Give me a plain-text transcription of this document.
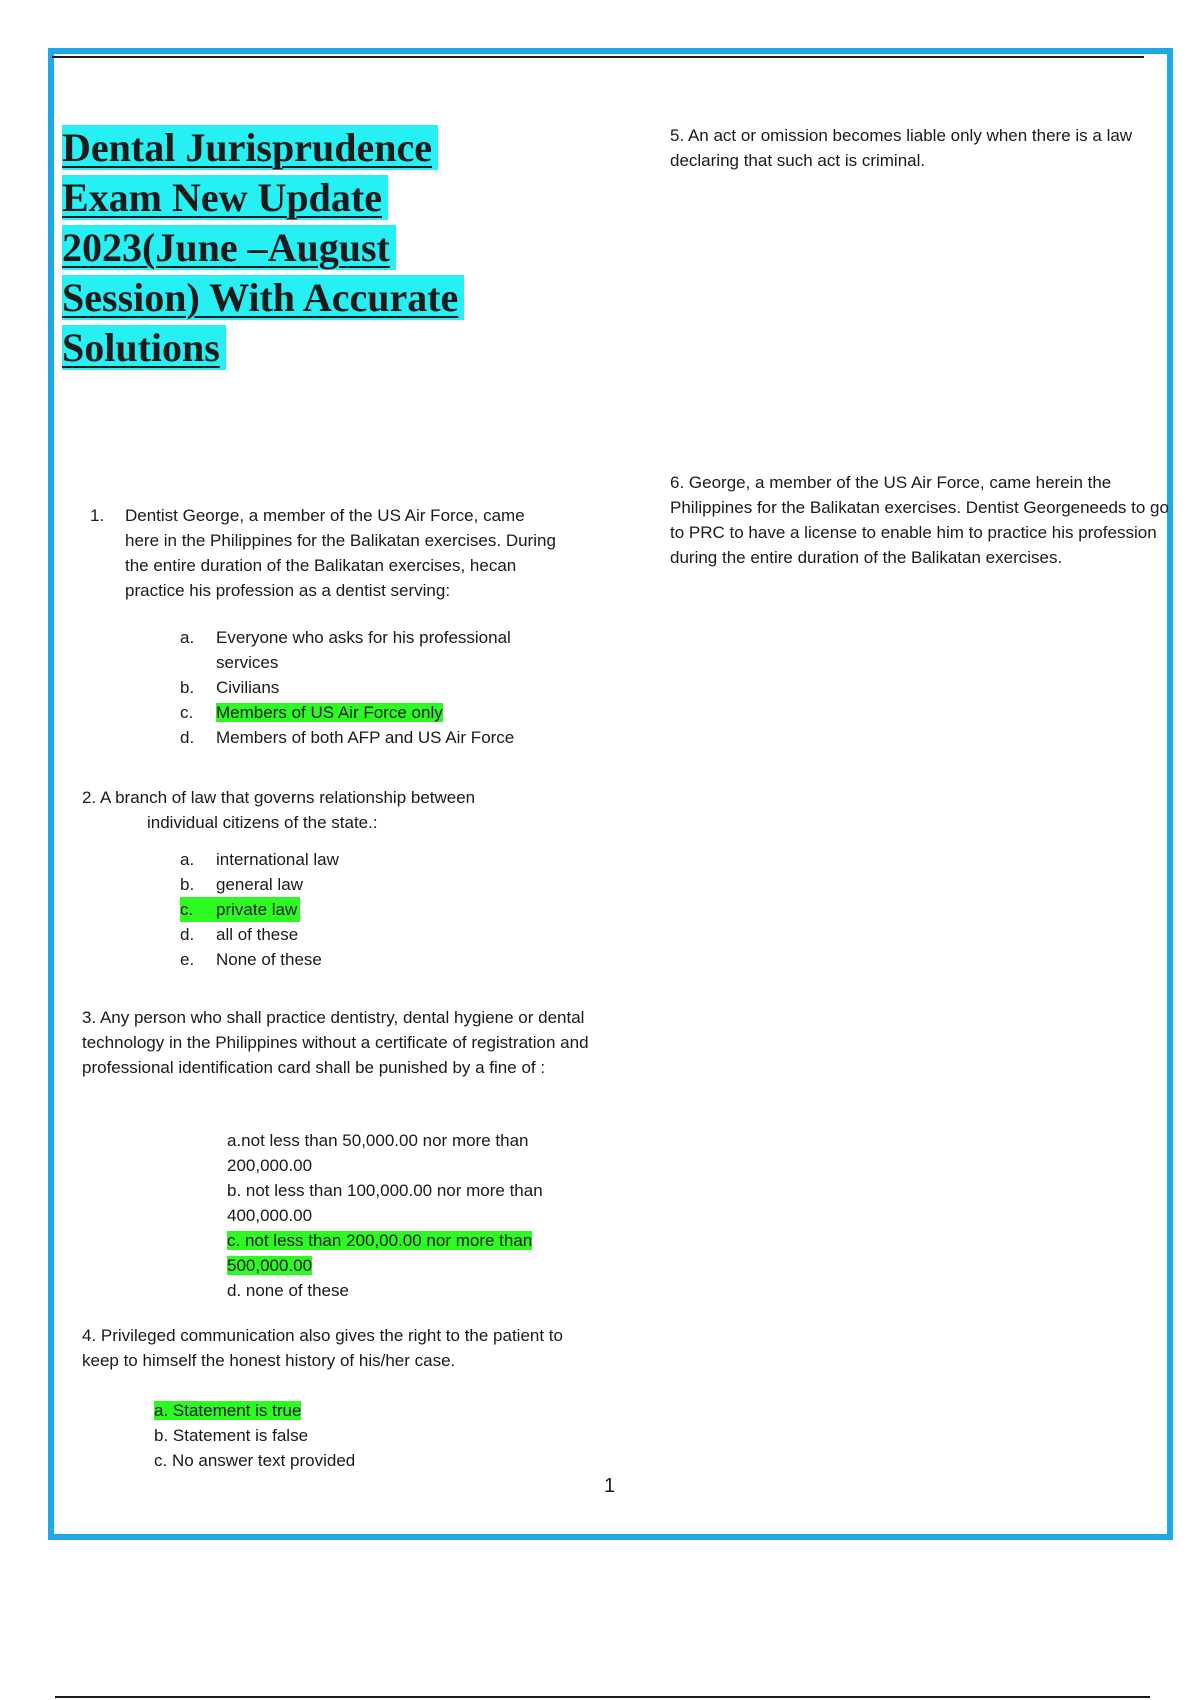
Dental Jurisprudence
Exam New Update
2023(June –August
Session) With Accurate
Solutions
1.	Dentist George, a member of the US Air Force, came here in the Philippines for the Balikatan exercises. During the entire duration of the Balikatan exercises, hecan practice his profession as a dentist serving:
a.	Everyone who asks for his professional services
b.	Civilians
c.	Members of US Air Force only
d.	Members of both AFP and US Air Force
2. A branch of law that governs relationship between
individual citizens of the state.:
a.	international law
b.	general law
c. private law
d.	all of these
e.	None of these
3. Any person who shall practice dentistry, dental hygiene or dental technology in the Philippines without a certificate of registration and professional identification card shall be punished by a fine of :
a.not less than 50,000.00 nor more than 200,000.00
b. not less than 100,000.00 nor more than 400,000.00
c. not less than 200,00.00 nor more than 500,000.00
d. none of these
4. Privileged communication also gives the right to the patient to keep to himself the honest history of his/her case.
a. Statement is true
b. Statement is false
c. No answer text provided
5. An act or omission becomes liable only when there is a law declaring that such act is criminal.
6. George, a member of the US Air Force, came herein the Philippines for the Balikatan exercises. Dentist Georgeneeds to go to PRC to have a license to enable him to practice his profession during the entire duration of the Balikatan exercises.
1
